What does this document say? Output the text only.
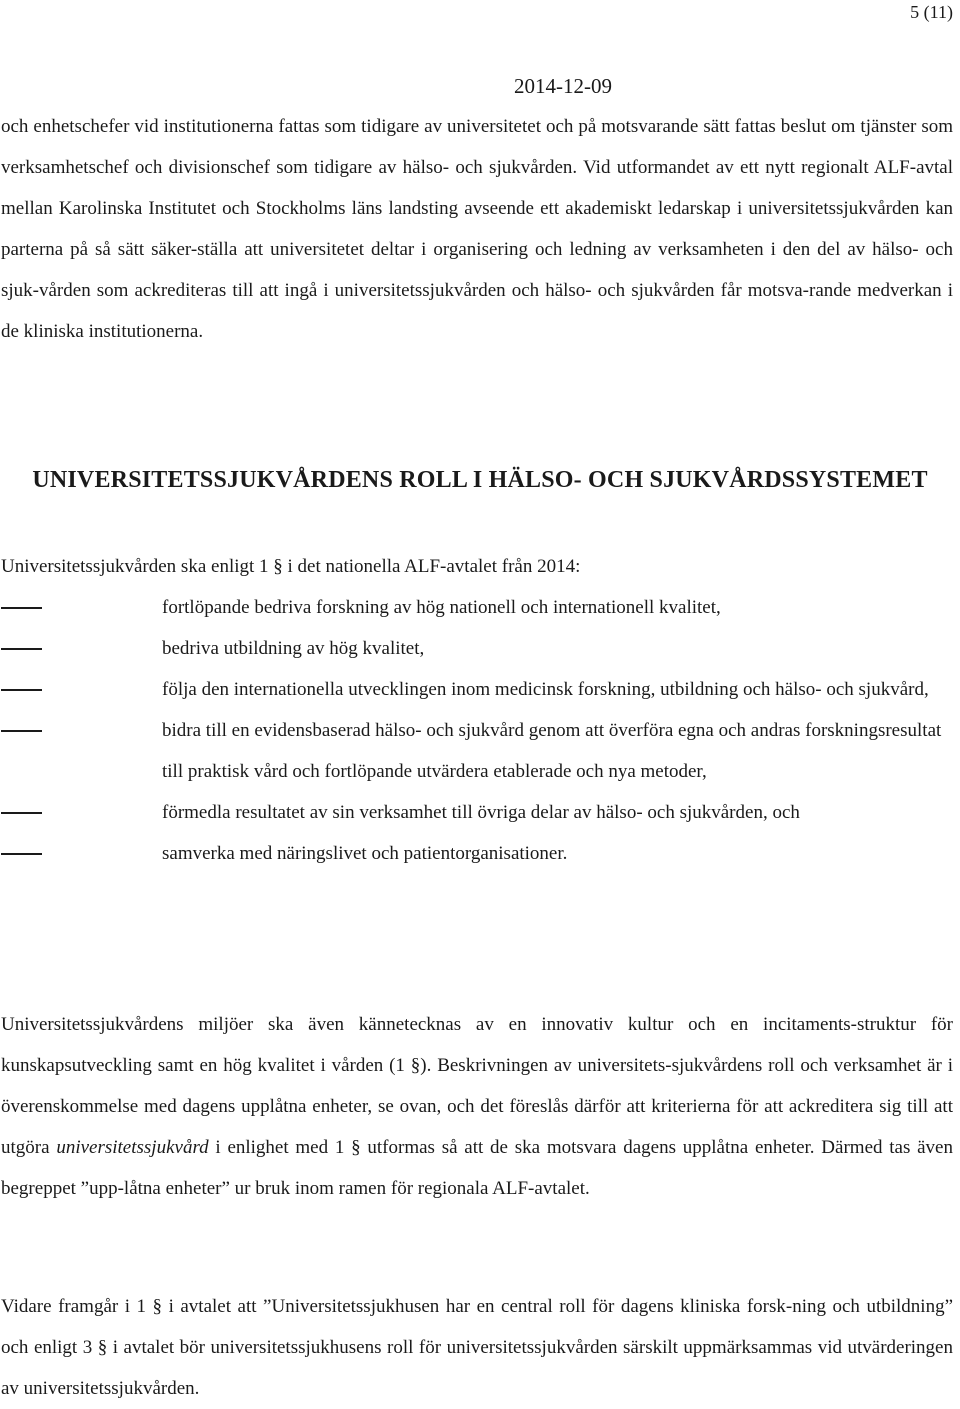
5 (11)
2014-12-09

och enhetschefer vid institutionerna fattas som tidigare av universitetet och på motsvarande sätt fattas beslut om tjänster som verksamhetschef och divisionschef som tidigare av hälso- och sjukvården. Vid utformandet av ett nytt regionalt ALF-avtal mellan Karolinska Institutet och Stockholms läns landsting avseende ett akademiskt ledarskap i universitetssjukvården kan parterna på så sätt säker-ställa att universitetet deltar i organisering och ledning av verksamheten i den del av hälso- och sjuk-vården som ackrediteras till att ingå i universitetssjukvården och hälso- och sjukvården får motsva-rande medverkan i de kliniska institutionerna.

UNIVERSITETSSJUKVÅRDENS ROLL I HÄLSO- OCH SJUKVÅRDSSYSTEMET
Universitetssjukvården ska enligt 1 § i det nationella ALF-avtalet från 2014:
fortlöpande bedriva forskning av hög nationell och internationell kvalitet,
bedriva utbildning av hög kvalitet,
följa den internationella utvecklingen inom medicinsk forskning, utbildning och hälso- och sjukvård,
bidra till en evidensbaserad hälso- och sjukvård genom att överföra egna och andras forskningsresultat till praktisk vård och fortlöpande utvärdera etablerade och nya metoder,
förmedla resultatet av sin verksamhet till övriga delar av hälso- och sjukvården, och
samverka med näringslivet och patientorganisationer.

Universitetssjukvårdens miljöer ska även kännetecknas av en innovativ kultur och en incitaments-struktur för kunskapsutveckling samt en hög kvalitet i vården (1 §). Beskrivningen av universitets-sjukvårdens roll och verksamhet är i överenskommelse med dagens upplåtna enheter, se ovan, och det föreslås därför att kriterierna för att ackreditera sig till att utgöra universitetssjukvård i enlighet med 1 § utformas så att de ska motsvara dagens upplåtna enheter. Därmed tas även begreppet ”upp-låtna enheter” ur bruk inom ramen för regionala ALF-avtalet.

Vidare framgår i 1 § i avtalet att ”Universitetssjukhusen har en central roll för dagens kliniska forsk-ning och utbildning” och enligt 3 § i avtalet bör universitetssjukhusens roll för universitetssjukvården särskilt uppmärksammas vid utvärderingen av universitetssjukvården.
